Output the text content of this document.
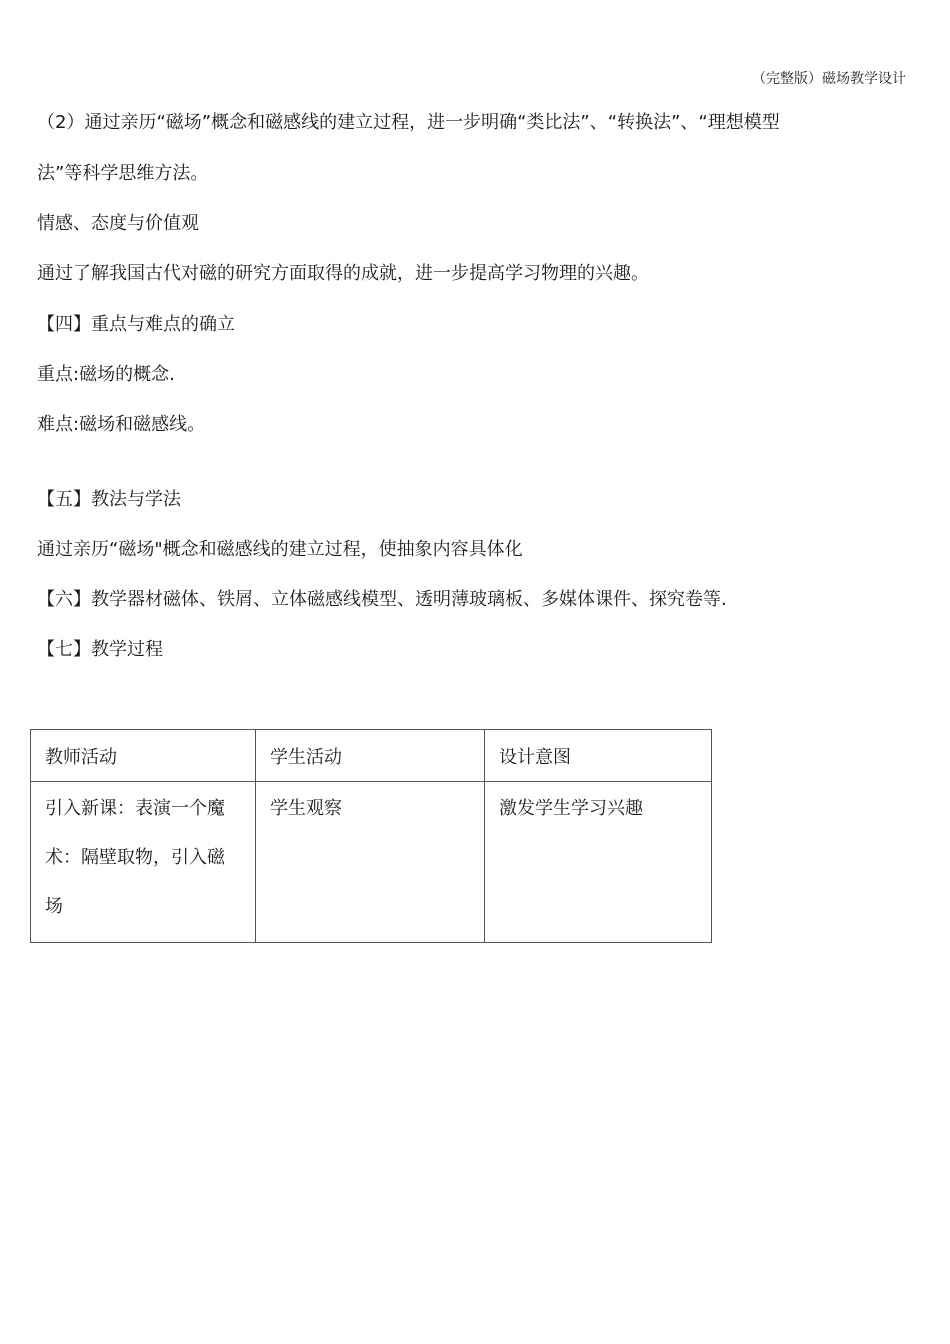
（完整版）磁场教学设计
（2）通过亲历“磁场”概念和磁感线的建立过程，进一步明确“类比法”、“转换法”、“理想模型
法”等科学思维方法。
情感、态度与价值观
通过了解我国古代对磁的研究方面取得的成就，进一步提高学习物理的兴趣。
【四】重点与难点的确立
重点:磁场的概念.
难点:磁场和磁感线。
【五】教法与学法
通过亲历“磁场"概念和磁感线的建立过程，使抽象内容具体化
【六】教学器材磁体、铁屑、立体磁感线模型、透明薄玻璃板、多媒体课件、探究卷等.
【七】教学过程
教师活动	学生活动	设计意图

引入新课：表演一个魔术：隔壁取物，引入磁场	学生观察	激发学生学习兴趣
